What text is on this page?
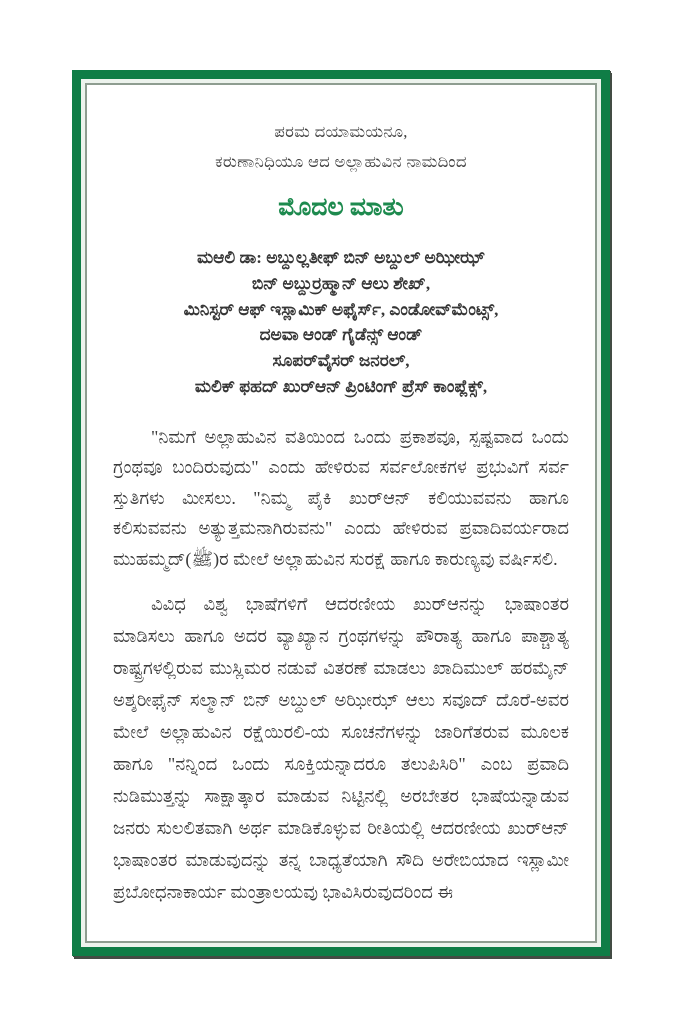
ಪರಮ ದಯಾಮಯನೂ,
ಕರುಣಾನಿಧಿಯೂ ಆದ ಅಲ್ಲಾಹುವಿನ ನಾಮದಿಂದ
ಮೊದಲ ಮಾತು
ಮಆಲಿ ಡಾ: ಅಬ್ದುಲ್ಲತೀಫ್ ಬಿನ್ ಅಬ್ದುಲ್ ಅಝೀಝ್
ಬಿನ್ ಅಬ್ದುರ್ರಹ್ಮಾನ್ ಆಲು ಶೇಖ್,
ಮಿನಿಸ್ಟರ್ ಆಫ್ ಇಸ್ಲಾಮಿಕ್ ಅಫೈರ್ಸ್, ಎಂಡೋವ್‌ಮೆಂಟ್ಸ್,
ದಅವಾ ಆಂಡ್ ಗೈಡೆನ್ಸ್ ಆಂಡ್
ಸೂಪರ್‌ವೈಸರ್ ಜನರಲ್,
ಮಲಿಕ್ ಫಹದ್ ಖುರ್‌ಆನ್ ಪ್ರಿಂಟಿಂಗ್ ಪ್ರೆಸ್ ಕಾಂಪ್ಲೆಕ್ಸ್,

"ನಿಮಗೆ ಅಲ್ಲಾಹುವಿನ ವತಿಯಿಂದ ಒಂದು ಪ್ರಕಾಶವೂ, ಸ್ಪಷ್ಟವಾದ ಒಂದು ಗ್ರಂಥವೂ ಬಂದಿರುವುದು" ಎಂದು ಹೇಳಿರುವ ಸರ್ವಲೋಕಗಳ ಪ್ರಭುವಿಗೆ ಸರ್ವ ಸ್ತುತಿಗಳು ಮೀಸಲು. "ನಿಮ್ಮ ಪೈಕಿ ಖುರ್‌ಆನ್ ಕಲಿಯುವವನು ಹಾಗೂ ಕಲಿಸುವವನು ಅತ್ಯುತ್ತಮನಾಗಿರುವನು" ಎಂದು ಹೇಳಿರುವ ಪ್ರವಾದಿವರ್ಯರಾದ ಮುಹಮ್ಮದ್(ﷺ)ರ ಮೇಲೆ ಅಲ್ಲಾಹುವಿನ ಸುರಕ್ಷೆ ಹಾಗೂ ಕಾರುಣ್ಯವು ವರ್ಷಿಸಲಿ.

ವಿವಿಧ ವಿಶ್ವ ಭಾಷೆಗಳಿಗೆ ಆದರಣೀಯ ಖುರ್‌ಆನನ್ನು ಭಾಷಾಂತರ ಮಾಡಿಸಲು ಹಾಗೂ ಅದರ ವ್ಯಾಖ್ಯಾನ ಗ್ರಂಥಗಳನ್ನು ಪೌರಾತ್ಯ ಹಾಗೂ ಪಾಶ್ಚಾತ್ಯ ರಾಷ್ಟ್ರಗಳಲ್ಲಿರುವ ಮುಸ್ಲಿಮರ ನಡುವೆ ವಿತರಣೆ ಮಾಡಲು ಖಾದಿಮುಲ್ ಹರಮೈನ್ ಅಶ್ಶರೀಫೈನ್ ಸಲ್ಮಾನ್ ಬಿನ್ ಅಬ್ದುಲ್ ಅಝೀಝ್ ಆಲು ಸವೂದ್ ದೊರೆ-ಅವರ ಮೇಲೆ ಅಲ್ಲಾಹುವಿನ ರಕ್ಷೆಯಿರಲಿ-ಯ ಸೂಚನೆಗಳನ್ನು ಜಾರಿಗೆತರುವ ಮೂಲಕ ಹಾಗೂ "ನನ್ನಿಂದ ಒಂದು ಸೂಕ್ತಿಯನ್ನಾದರೂ ತಲುಪಿಸಿರಿ" ಎಂಬ ಪ್ರವಾದಿ ನುಡಿಮುತ್ತನ್ನು ಸಾಕ್ಷಾತ್ಕಾರ ಮಾಡುವ ನಿಟ್ಟಿನಲ್ಲಿ ಅರಬೇತರ ಭಾಷೆಯನ್ನಾಡುವ ಜನರು ಸುಲಲಿತವಾಗಿ ಅರ್ಥ ಮಾಡಿಕೊಳ್ಳುವ ರೀತಿಯಲ್ಲಿ ಆದರಣೀಯ ಖುರ್‌ಆನ್ ಭಾಷಾಂತರ ಮಾಡುವುದನ್ನು ತನ್ನ ಬಾಧ್ಯತೆಯಾಗಿ ಸೌದಿ ಅರೇಬಿಯಾದ ಇಸ್ಲಾಮೀ ಪ್ರಬೋಧನಾಕಾರ್ಯ ಮಂತ್ರಾಲಯವು ಭಾವಿಸಿರುವುದರಿಂದ ಈ
